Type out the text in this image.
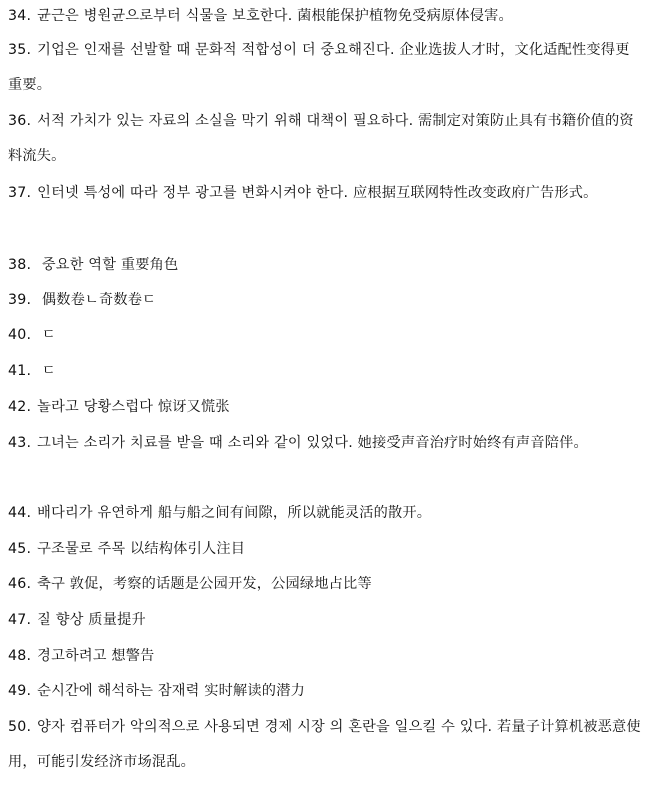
34. 균근은 병원균으로부터 식물을 보호한다. 菌根能保护植物免受病原体侵害。
35. 기업은 인재를 선발할 때 문화적 적합성이 더 중요해진다. 企业选拔人才时，文化适配性变得更重要。
36. 서적 가치가 있는 자료의 소실을 막기 위해 대책이 필요하다. 需制定对策防止具有书籍价值的资料流失。
37. 인터넷 특성에 따라 정부 광고를 변화시켜야 한다. 应根据互联网特性改变政府广告形式。
38. 중요한 역할 重要角色
39. 偶数卷ㄴ奇数卷ㄷ
40. ㄷ
41. ㄷ
42. 놀라고 당황스럽다 惊讶又慌张
43. 그녀는 소리가 치료를 받을 때 소리와 같이 있었다. 她接受声音治疗时始终有声音陪伴。
44. 배다리가 유연하게 船与船之间有间隙，所以就能灵活的散开。
45. 구조물로 주목 以结构体引人注目
46. 축구 敦促，考察的话题是公园开发，公园绿地占比等
47. 질 향상 质量提升
48. 경고하려고 想警告
49. 순시간에 해석하는 잠재력 实时解读的潜力
50. 양자 컴퓨터가 악의적으로 사용되면 경제 시장 의 혼란을 일으킬 수 있다. 若量子计算机被恶意使用，可能引发经济市场混乱。
